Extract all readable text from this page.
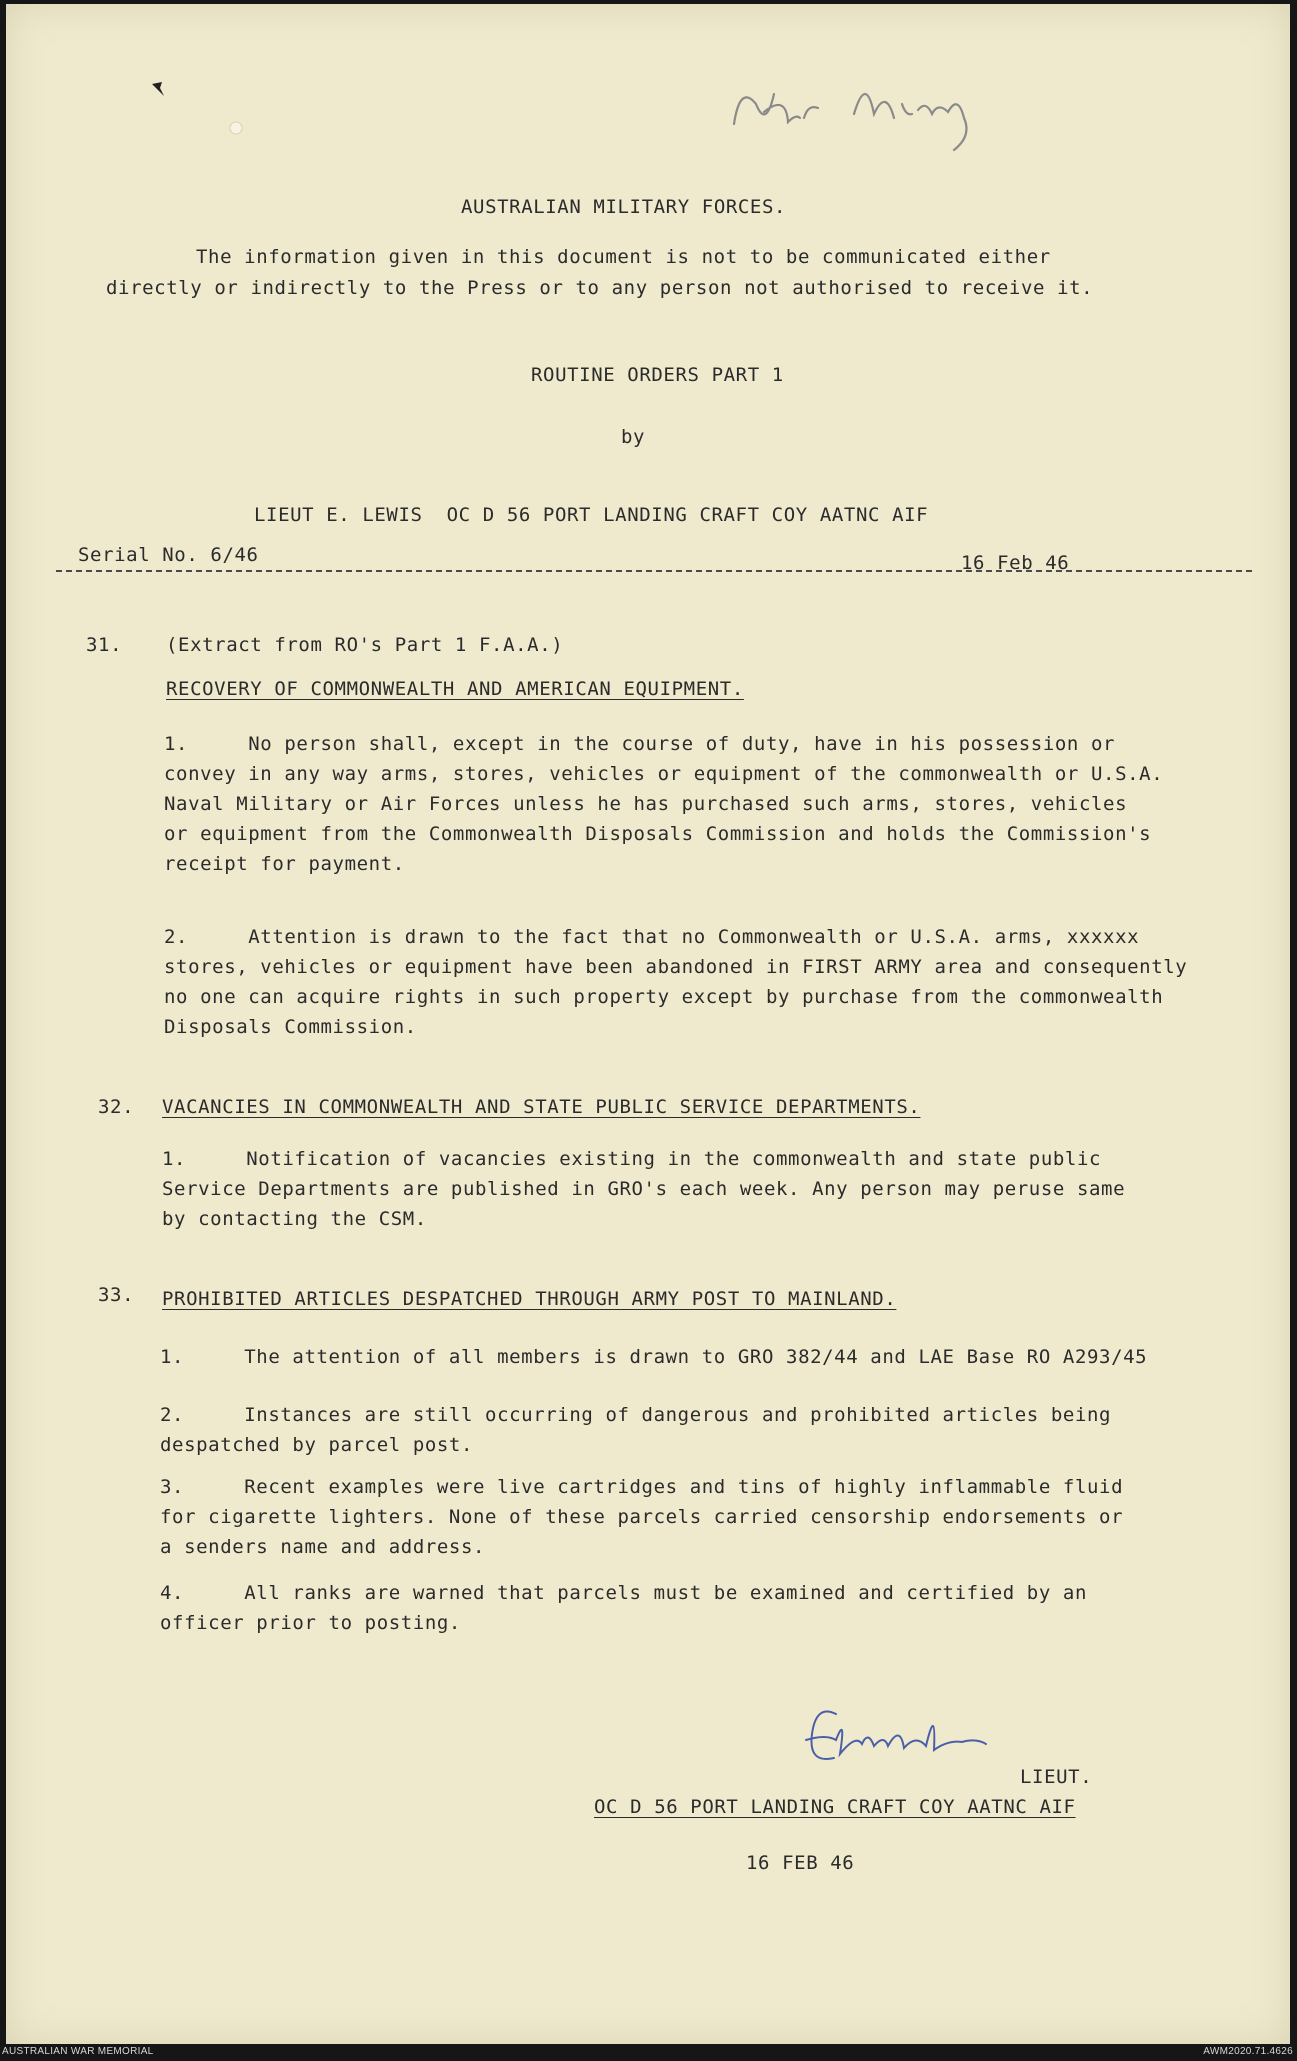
AUSTRALIAN MILITARY FORCES.
The information given in this document is not to be communicated either
directly or indirectly to the Press or to any person not authorised to receive it.
ROUTINE ORDERS PART 1
by
LIEUT E. LEWIS  OC D 56 PORT LANDING CRAFT COY AATNC AIF
Serial No. 6/46	16 Feb 46
31. (Extract from RO's Part 1 F.A.A.)
RECOVERY OF COMMONWEALTH AND AMERICAN EQUIPMENT.
1.     No person shall, except in the course of duty, have in his possession or
convey in any way arms, stores, vehicles or equipment of the commonwealth or U.S.A.
Naval Military or Air Forces unless he has purchased such arms, stores, vehicles
or equipment from the Commonwealth Disposals Commission and holds the Commission's
receipt for payment.
2.     Attention is drawn to the fact that no Commonwealth or U.S.A. arms, xxxxxx
stores, vehicles or equipment have been abandoned in FIRST ARMY area and consequently
no one can acquire rights in such property except by purchase from the commonwealth
Disposals Commission.
32. VACANCIES IN COMMONWEALTH AND STATE PUBLIC SERVICE DEPARTMENTS.
1.     Notification of vacancies existing in the commonwealth and state public
Service Departments are published in GRO's each week. Any person may peruse same
by contacting the CSM.
33. PROHIBITED ARTICLES DESPATCHED THROUGH ARMY POST TO MAINLAND.
1.     The attention of all members is drawn to GRO 382/44 and LAE Base RO A293/45
2.     Instances are still occurring of dangerous and prohibited articles being
despatched by parcel post.
3.     Recent examples were live cartridges and tins of highly inflammable fluid
for cigarette lighters. None of these parcels carried censorship endorsements or
a senders name and address.
4.     All ranks are warned that parcels must be examined and certified by an
officer prior to posting.
LIEUT.
OC D 56 PORT LANDING CRAFT COY AATNC AIF
16 FEB 46
AUSTRALIAN WAR MEMORIAL	AWM2020.71.4626
